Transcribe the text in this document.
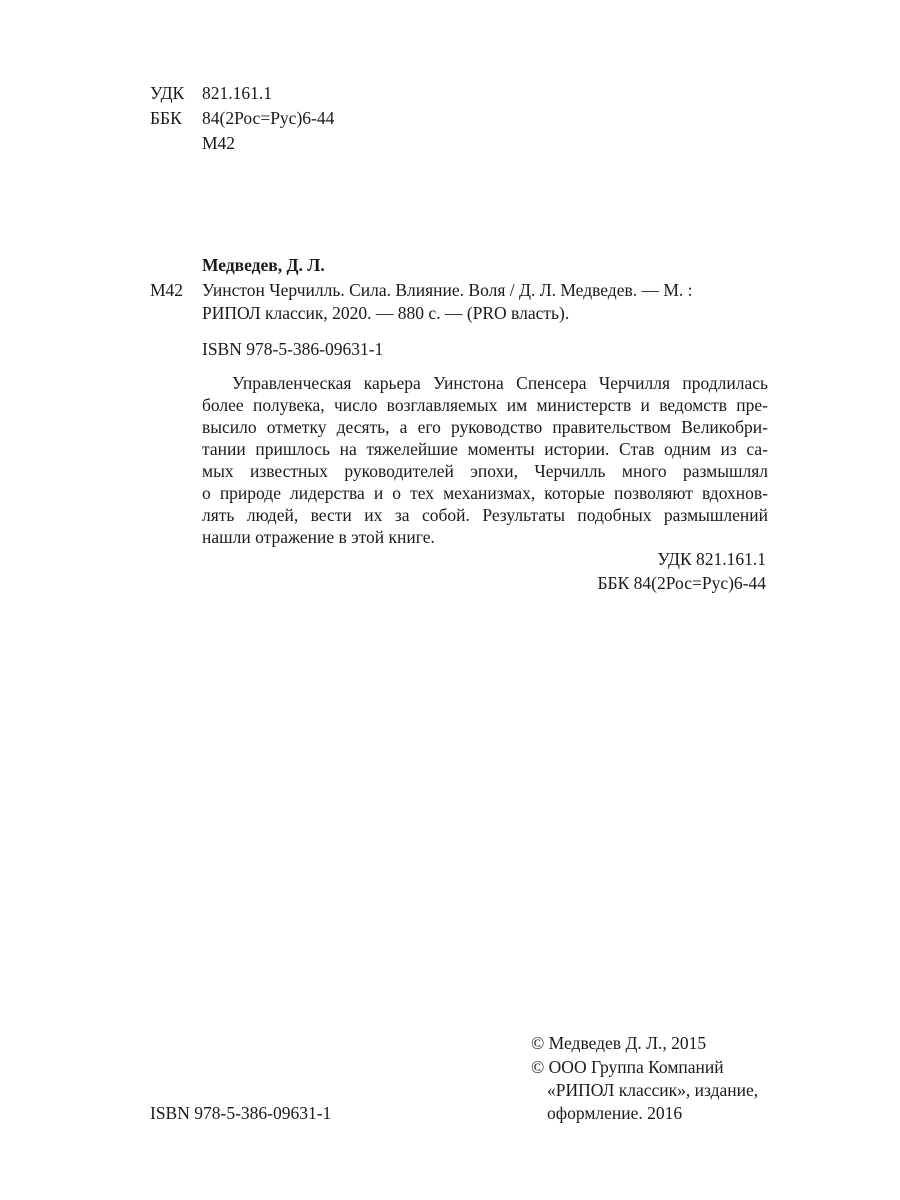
УДК 821.161.1
ББК 84(2Рос=Рус)6-44
М42
Медведев, Д. Л.
М42 Уинстон Черчилль. Сила. Влияние. Воля / Д. Л. Медведев. — М. :
РИПОЛ классик, 2020. — 880 с. — (PRO власть).
ISBN 978-5-386-09631-1
Управленческая карьера Уинстона Спенсера Черчилля продлилась
более полувека, число возглавляемых им министерств и ведомств пре-
высило отметку десять, а его руководство правительством Великобри-
тании пришлось на тяжелейшие моменты истории. Став одним из са-
мых известных руководителей эпохи, Черчилль много размышлял
о природе лидерства и о тех механизмах, которые позволяют вдохнов-
лять людей, вести их за собой. Результаты подобных размышлений
нашли отражение в этой книге.
УДК 821.161.1
ББК 84(2Рос=Рус)6-44
© Медведев Д. Л., 2015
© ООО Группа Компаний
«РИПОЛ классик», издание,
оформление. 2016
ISBN 978-5-386-09631-1
